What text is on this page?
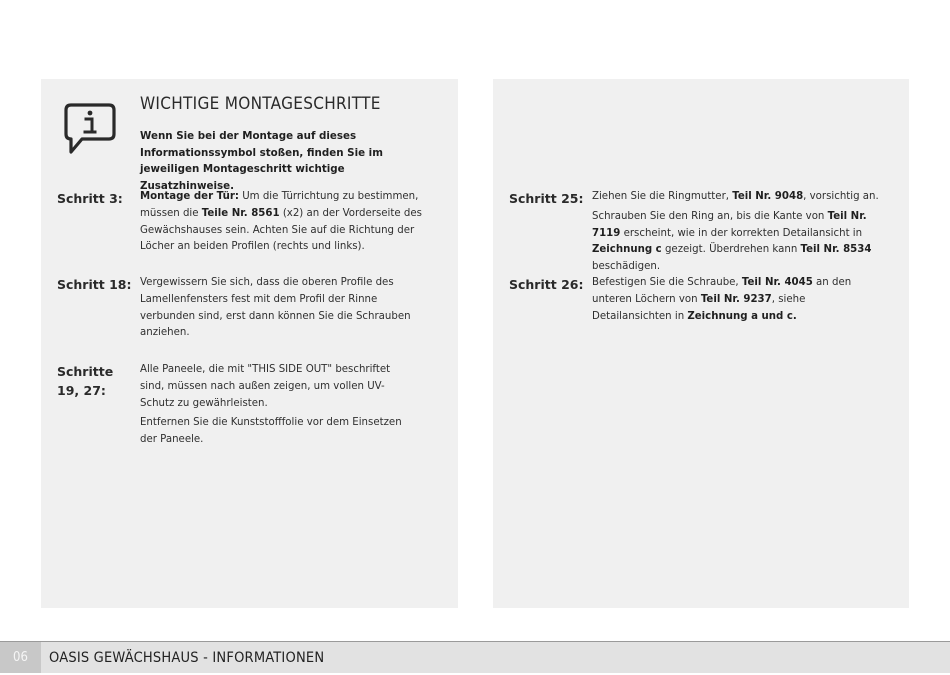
WICHTIGE MONTAGESCHRITTE
Wenn Sie bei der Montage auf dieses Informationssymbol stoßen, finden Sie im jeweiligen Montageschritt wichtige Zusatzhinweise.
Schritt 3: Montage der Tür: Um die Türrichtung zu bestimmen, müssen die Teile Nr. 8561 (x2) an der Vorderseite des Gewächshauses sein. Achten Sie auf die Richtung der Löcher an beiden Profilen (rechts und links).
Schritt 18: Vergewissern Sie sich, dass die oberen Profile des Lamellenfensters fest mit dem Profil der Rinne verbunden sind, erst dann können Sie die Schrauben anziehen.
Schritte
19, 27:

Alle Paneele, die mit "THIS SIDE OUT" beschriftet sind, müssen nach außen zeigen, um vollen UV-Schutz zu gewährleisten.

Entfernen Sie die Kunststofffolie vor dem Einsetzen der Paneele.

Schritt 25: Ziehen Sie die Ringmutter, Teil Nr. 9048, vorsichtig an.

Schrauben Sie den Ring an, bis die Kante von Teil Nr. 7119 erscheint, wie in der korrekten Detailansicht in Zeichnung c gezeigt. Überdrehen kann Teil Nr. 8534 beschädigen.

Schritt 26: Befestigen Sie die Schraube, Teil Nr. 4045 an den unteren Löchern von Teil Nr. 9237, siehe Detailansichten in Zeichnung a und c.
06	OASIS GEWÄCHSHAUS - INFORMATIONEN
